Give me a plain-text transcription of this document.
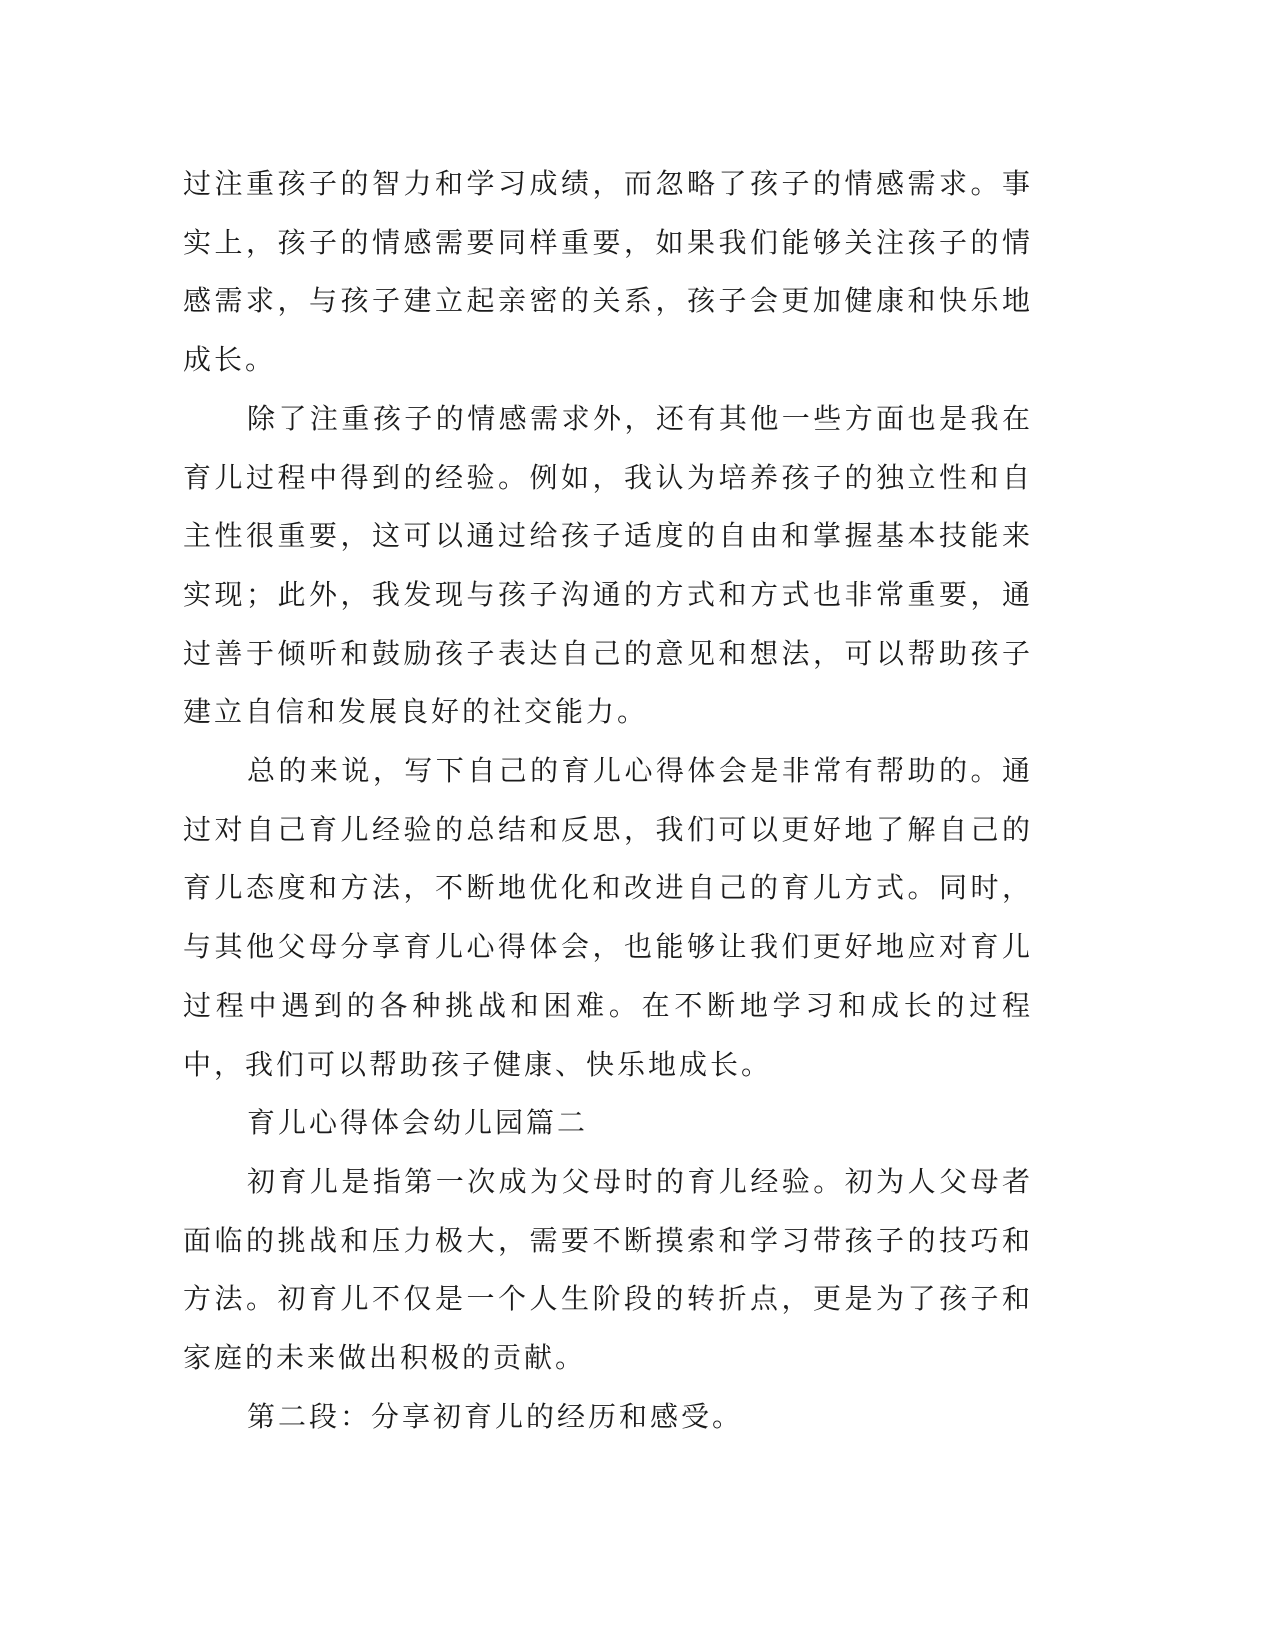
过注重孩子的智力和学习成绩，而忽略了孩子的情感需求。事实上，孩子的情感需要同样重要，如果我们能够关注孩子的情感需求，与孩子建立起亲密的关系，孩子会更加健康和快乐地成长。

除了注重孩子的情感需求外，还有其他一些方面也是我在育儿过程中得到的经验。例如，我认为培养孩子的独立性和自主性很重要，这可以通过给孩子适度的自由和掌握基本技能来实现；此外，我发现与孩子沟通的方式和方式也非常重要，通过善于倾听和鼓励孩子表达自己的意见和想法，可以帮助孩子建立自信和发展良好的社交能力。

总的来说，写下自己的育儿心得体会是非常有帮助的。通过对自己育儿经验的总结和反思，我们可以更好地了解自己的育儿态度和方法，不断地优化和改进自己的育儿方式。同时，与其他父母分享育儿心得体会，也能够让我们更好地应对育儿过程中遇到的各种挑战和困难。在不断地学习和成长的过程中，我们可以帮助孩子健康、快乐地成长。

育儿心得体会幼儿园篇二

初育儿是指第一次成为父母时的育儿经验。初为人父母者面临的挑战和压力极大，需要不断摸索和学习带孩子的技巧和方法。初育儿不仅是一个人生阶段的转折点，更是为了孩子和家庭的未来做出积极的贡献。

第二段：分享初育儿的经历和感受。
